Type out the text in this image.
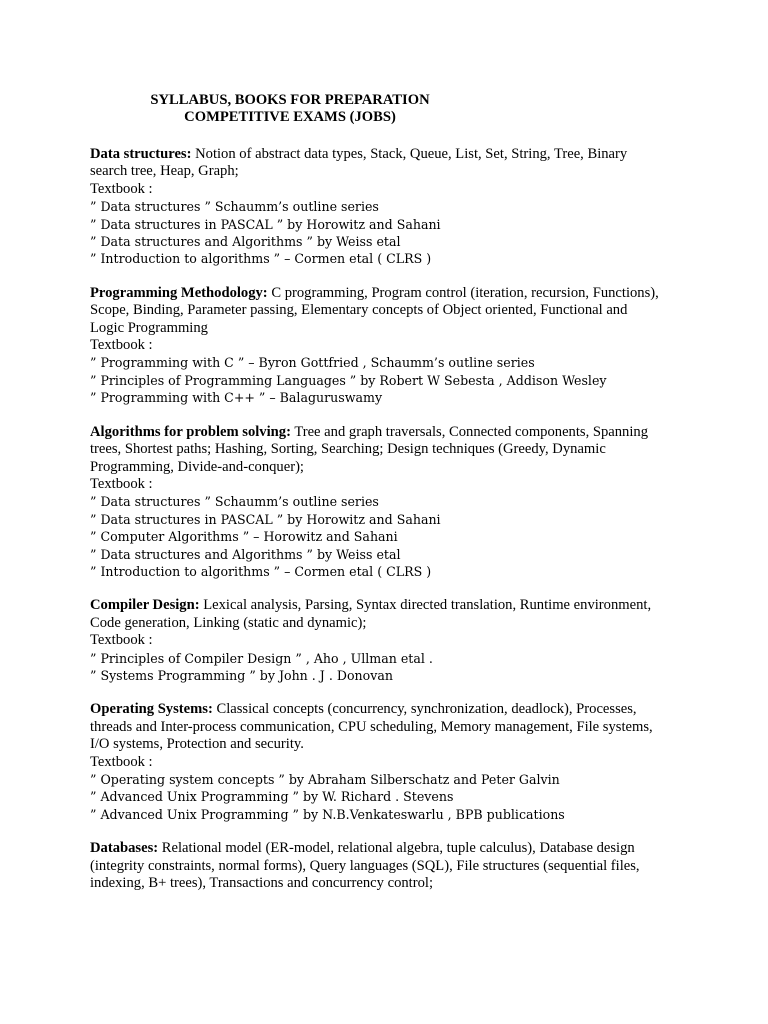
SYLLABUS, BOOKS FOR PREPARATION
COMPETITIVE EXAMS (JOBS)

Data structures: Notion of abstract data types, Stack, Queue, List, Set, String, Tree, Binary

search tree, Heap, Graph;

Textbook :

” Data structures ” Schaumm’s outline series

” Data structures in PASCAL ” by Horowitz and Sahani

” Data structures and Algorithms ” by Weiss etal

” Introduction to algorithms ” – Cormen etal ( CLRS )

Programming Methodology: C programming, Program control (iteration, recursion, Functions),

Scope, Binding, Parameter passing, Elementary concepts of Object oriented, Functional and

Logic Programming

Textbook :

” Programming with C ” – Byron Gottfried , Schaumm’s outline series

” Principles of Programming Languages ” by Robert W Sebesta , Addison Wesley

” Programming with C++ ” – Balaguruswamy

Algorithms for problem solving: Tree and graph traversals, Connected components, Spanning

trees, Shortest paths; Hashing, Sorting, Searching; Design techniques (Greedy, Dynamic

Programming, Divide-and-conquer);

Textbook :

” Data structures ” Schaumm’s outline series

” Data structures in PASCAL ” by Horowitz and Sahani

” Computer Algorithms ” – Horowitz and Sahani

” Data structures and Algorithms ” by Weiss etal

” Introduction to algorithms ” – Cormen etal ( CLRS )

Compiler Design: Lexical analysis, Parsing, Syntax directed translation, Runtime environment,

Code generation, Linking (static and dynamic);

Textbook :

” Principles of Compiler Design ” , Aho , Ullman etal .

” Systems Programming ” by John . J . Donovan

Operating Systems: Classical concepts (concurrency, synchronization, deadlock), Processes,

threads and Inter-process communication, CPU scheduling, Memory management, File systems,

I/O systems, Protection and security.

Textbook :

” Operating system concepts ” by Abraham Silberschatz and Peter Galvin

” Advanced Unix Programming ” by W. Richard . Stevens

” Advanced Unix Programming ” by N.B.Venkateswarlu , BPB publications

Databases: Relational model (ER-model, relational algebra, tuple calculus), Database design

(integrity constraints, normal forms), Query languages (SQL), File structures (sequential files,

indexing, B+ trees), Transactions and concurrency control;
